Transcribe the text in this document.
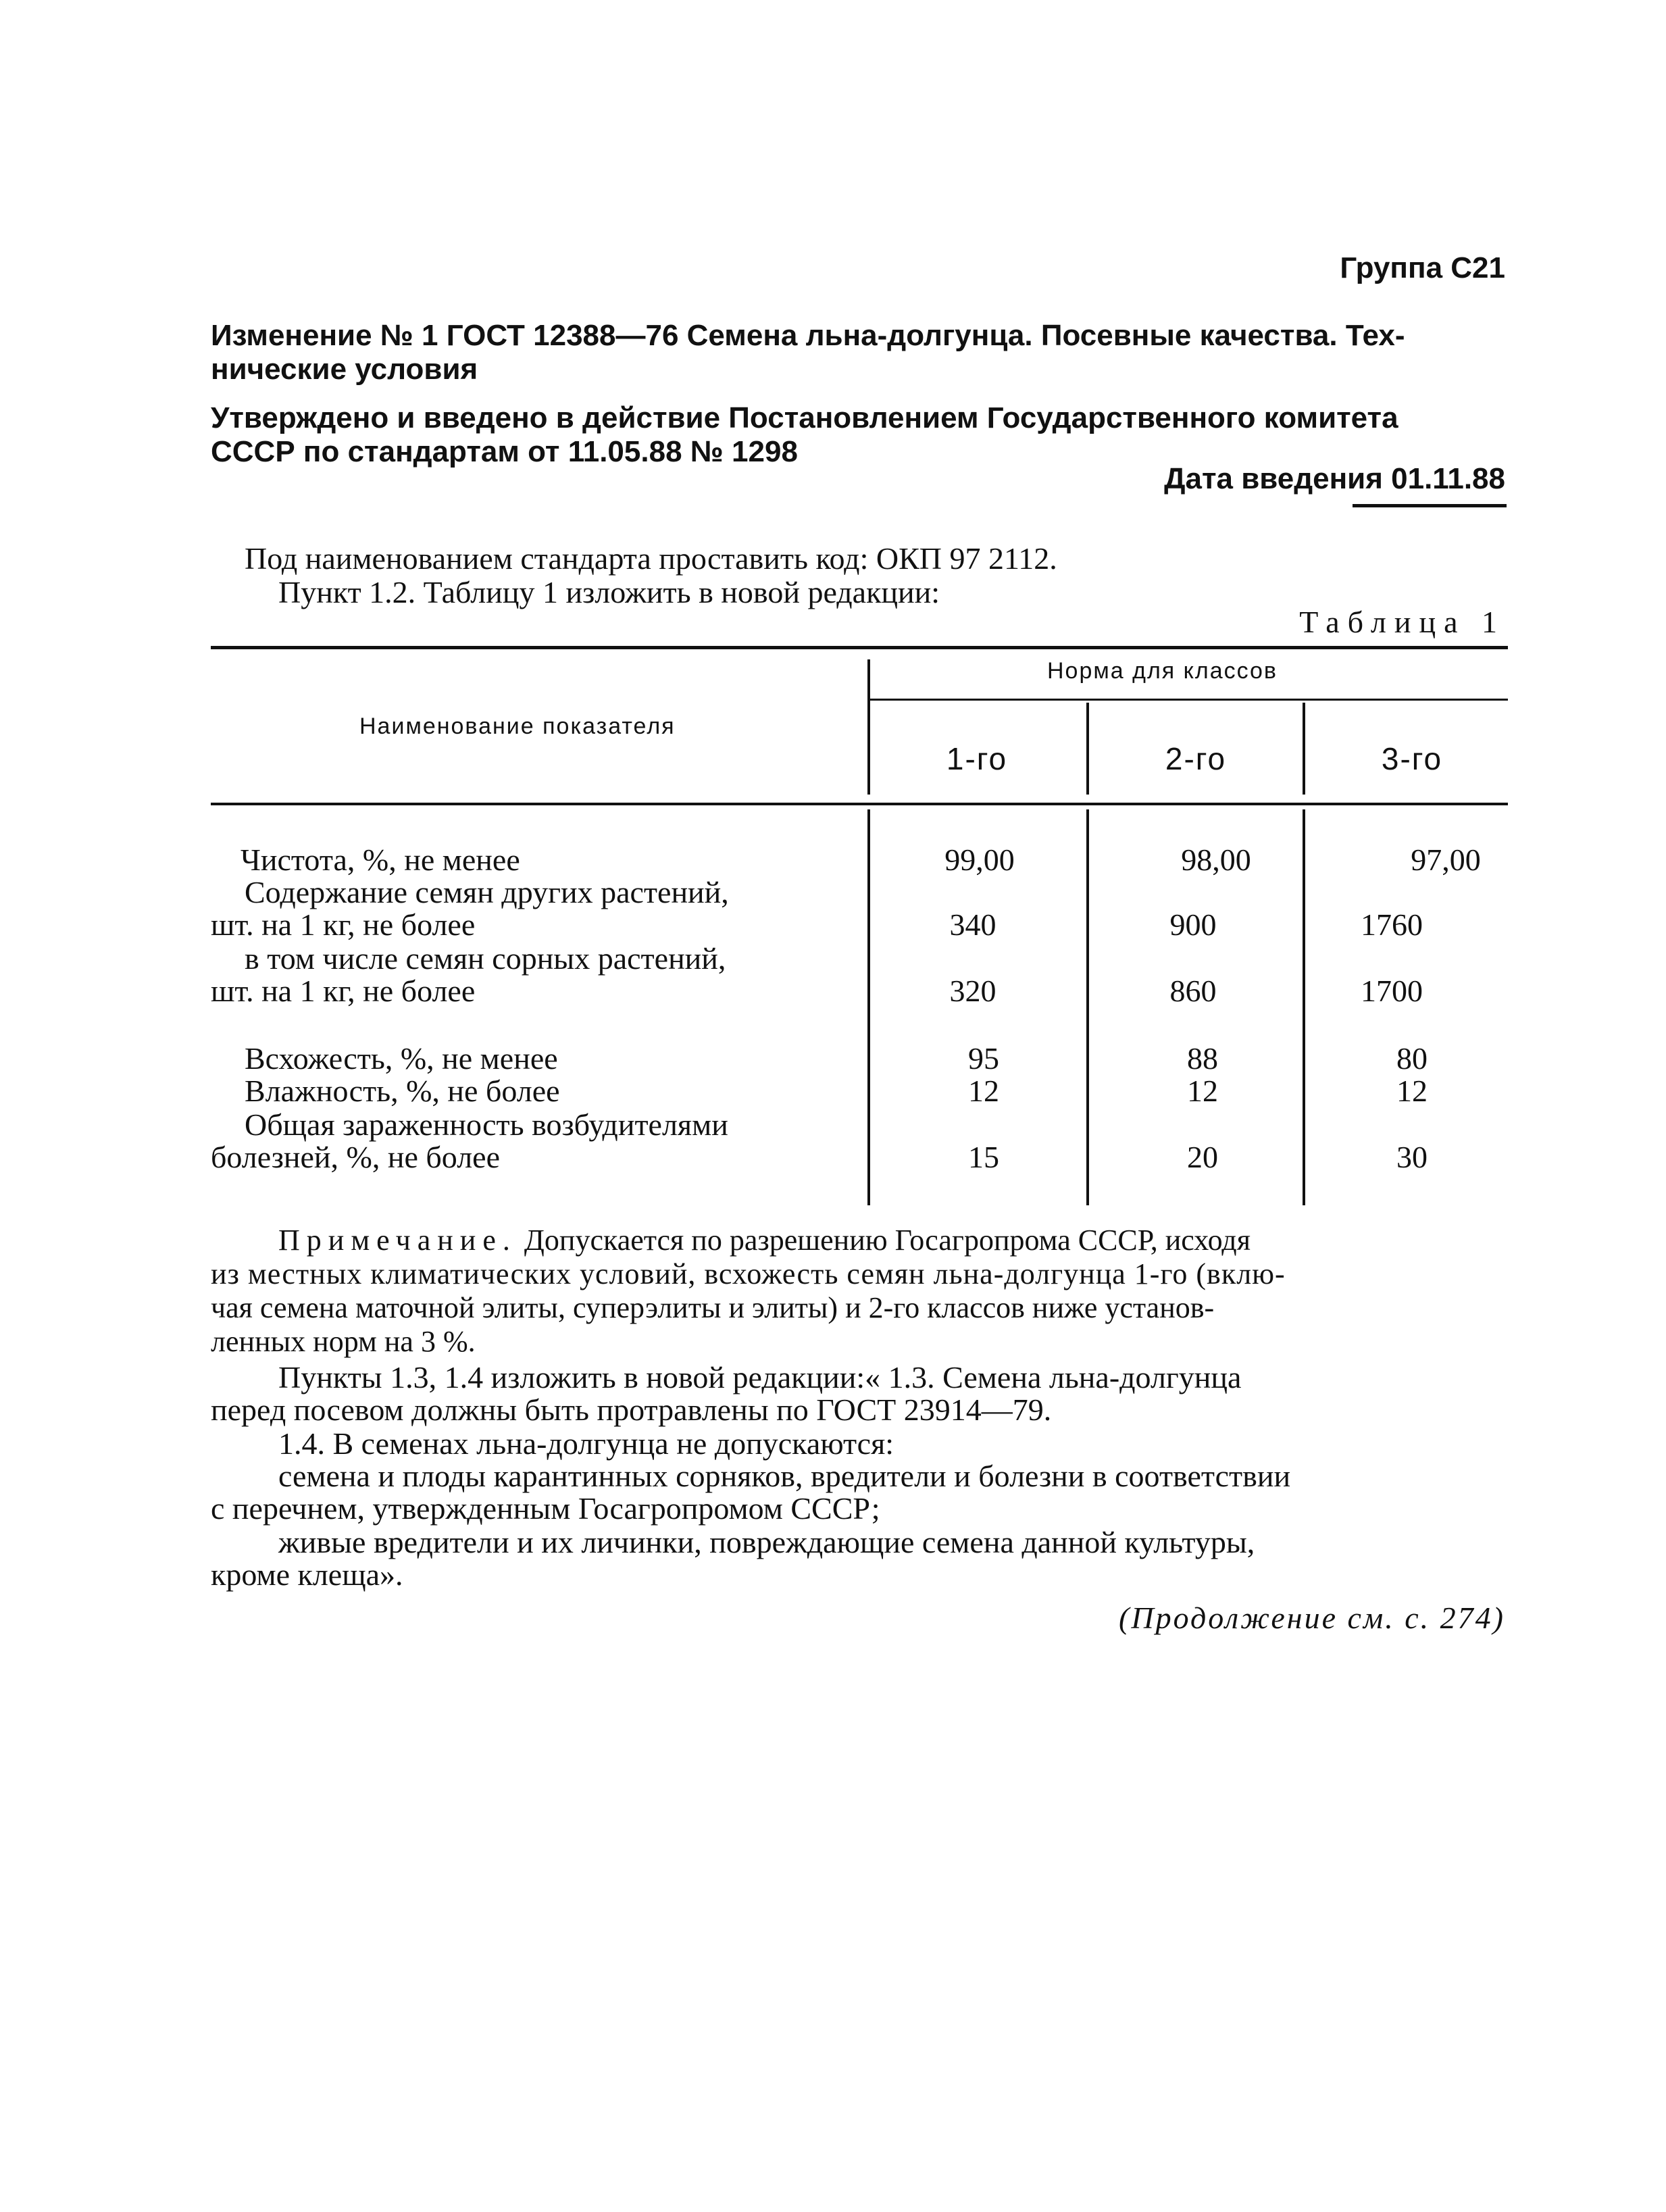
Группа С21
Изменение № 1 ГОСТ 12388—76 Семена льна-долгунца. Посевные качества. Тех-
нические условия
Утверждено и введено в действие Постановлением Государственного комитета
СССР по стандартам от 11.05.88 № 1298
Дата введения 01.11.88
Под наименованием стандарта проставить код: ОКП 97 2112.
Пункт 1.2. Таблицу 1 изложить в новой редакции:
Таблица 1
Наименование показателя
Норма для классов
1-го	2-го	3-го
Чистота, %, не менее	99,00	98,00	97,00
Содержание семян других растений,
шт. на 1 кг, не более	340	900	1760
в том числе семян сорных растений,
шт. на 1 кг, не более	320	860	1700
Всхожесть, %, не менее	95	88	80
Влажность, %, не более	12	12	12
Общая зараженность возбудителями
болезней, %, не более	15	20	30
Примечание. Допускается по разрешению Госагропрома СССР, исходя
из местных климатических условий, всхожесть семян льна-долгунца 1-го (вклю-
чая семена маточной элиты, суперэлиты и элиты) и 2-го классов ниже установ-
ленных норм на 3 %.
Пункты 1.3, 1.4 изложить в новой редакции:« 1.3. Семена льна-долгунца
перед посевом должны быть протравлены по ГОСТ 23914—79.
1.4. В семенах льна-долгунца не допускаются:
семена и плоды карантинных сорняков, вредители и болезни в соответствии
с перечнем, утвержденным Госагропромом СССР;
живые вредители и их личинки, повреждающие семена данной культуры,
кроме клеща».
(Продолжение см. с. 274)
